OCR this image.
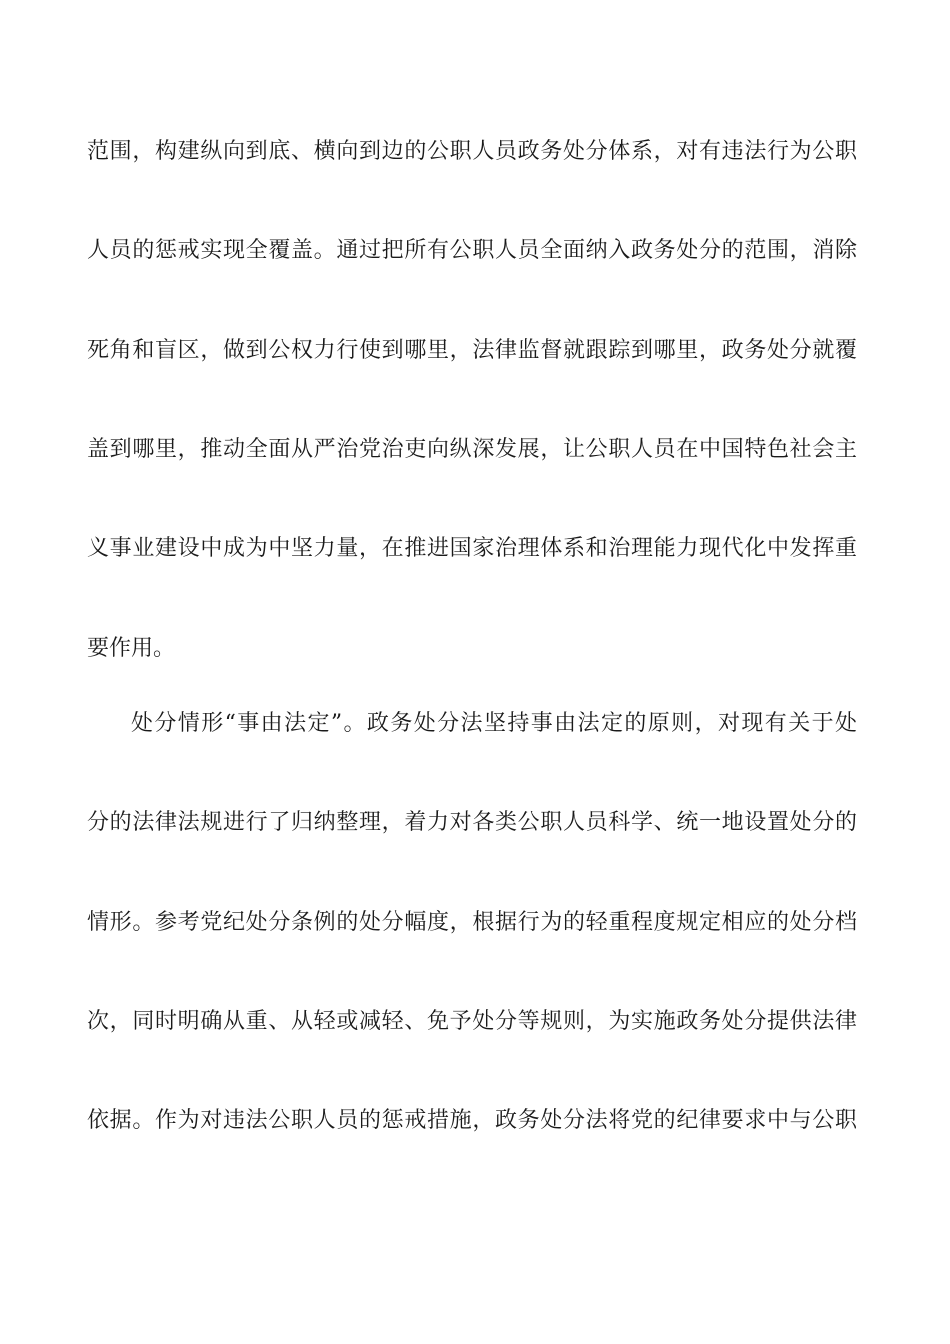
范围，构建纵向到底、横向到边的公职人员政务处分体系，对有违法行为公职
人员的惩戒实现全覆盖。通过把所有公职人员全面纳入政务处分的范围，消除
死角和盲区，做到公权力行使到哪里，法律监督就跟踪到哪里，政务处分就覆
盖到哪里，推动全面从严治党治吏向纵深发展，让公职人员在中国特色社会主
义事业建设中成为中坚力量，在推进国家治理体系和治理能力现代化中发挥重
要作用。
处分情形“事由法定”。政务处分法坚持事由法定的原则，对现有关于处
分的法律法规进行了归纳整理，着力对各类公职人员科学、统一地设置处分的
情形。参考党纪处分条例的处分幅度，根据行为的轻重程度规定相应的处分档
次，同时明确从重、从轻或减轻、免予处分等规则，为实施政务处分提供法律
依据。作为对违法公职人员的惩戒措施，政务处分法将党的纪律要求中与公职
